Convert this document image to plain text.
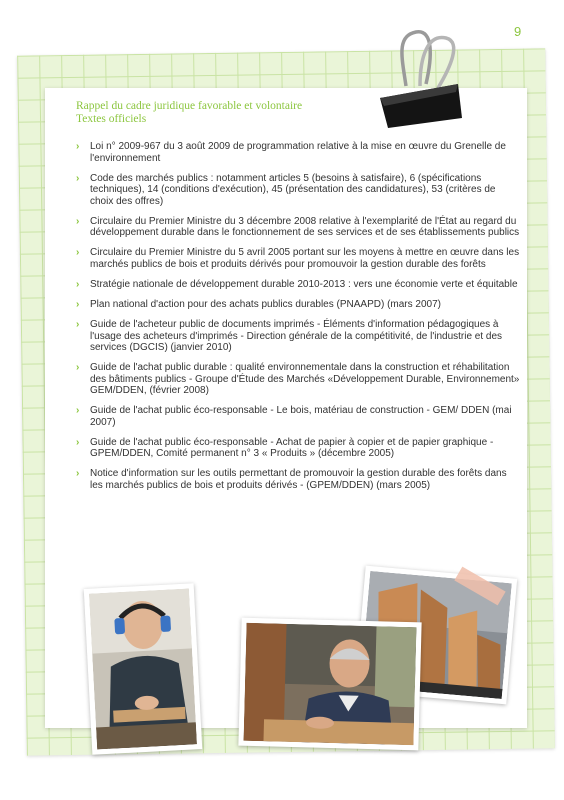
9
Rappel du cadre juridique favorable et volontaire
Textes officiels
› Loi n° 2009-967 du 3 août 2009 de programmation relative à la mise en œuvre du Grenelle de l'environnement
› Code des marchés publics : notamment articles 5 (besoins à satisfaire), 6 (spécifications techniques), 14 (conditions d'exécution), 45 (présentation des candidatures), 53 (critères de choix des offres)
› Circulaire du Premier Ministre du 3 décembre 2008 relative à l'exemplarité de l'État au regard du développement durable dans le fonctionnement de ses services et de ses établissements publics
› Circulaire du Premier Ministre du 5 avril 2005 portant sur les moyens à mettre en œuvre dans les marchés publics de bois et produits dérivés pour promouvoir la gestion durable des forêts
› Stratégie nationale de développement durable 2010-2013 : vers une économie verte et équitable
› Plan national d'action pour des achats publics durables (PNAAPD) (mars 2007)
› Guide de l'acheteur public de documents imprimés - Éléments d'information pédagogiques à l'usage des acheteurs d'imprimés - Direction générale de la compétitivité, de l'industrie et des services (DGCIS) (janvier 2010)
› Guide de l'achat public durable : qualité environnementale dans la construction et réhabilitation des bâtiments publics - Groupe d'Étude des Marchés «Développement Durable, Environnement» GEM/DDEN, (février 2008)
› Guide de l'achat public éco-responsable - Le bois, matériau de construction - GEM/ DDEN (mai 2007)
› Guide de l'achat public éco-responsable - Achat de papier à copier et de papier graphique - GPEM/DDEN, Comité permanent n° 3 « Produits » (décembre 2005)
› Notice d'information sur les outils permettant de promouvoir la gestion durable des forêts dans les marchés publics de bois et produits dérivés - (GPEM/DDEN) (mars 2005)
